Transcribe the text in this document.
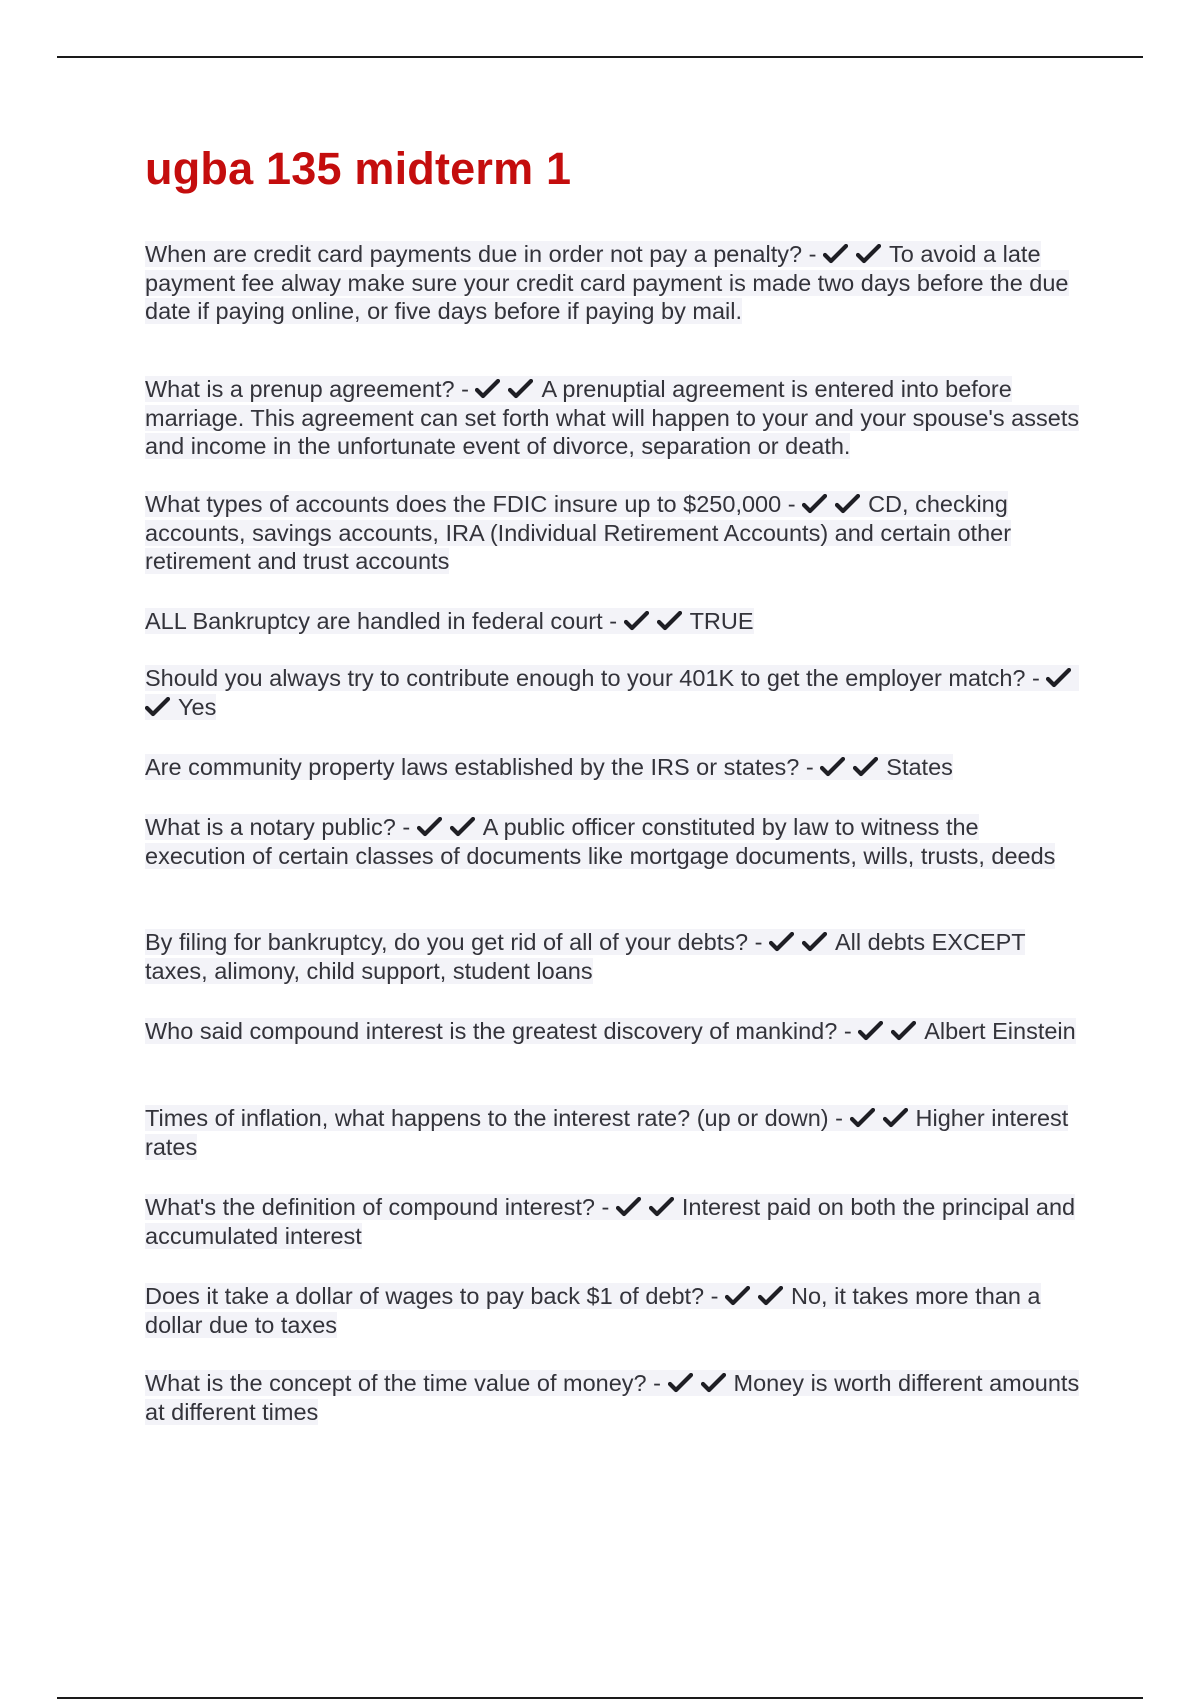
ugba 135 midterm 1
When are credit card payments due in order not pay a penalty? -	To avoid a late payment fee alway make sure your credit card payment is made two days before the due date if paying online, or five days before if paying by mail.
What is a prenup agreement? -	A prenuptial agreement is entered into before marriage. This agreement can set forth what will happen to your and your spouse's assets and income in the unfortunate event of divorce, separation or death.
What types of accounts does the FDIC insure up to $250,000 -	CD, checking accounts, savings accounts, IRA (Individual Retirement Accounts) and certain other retirement and trust accounts
ALL Bankruptcy are handled in federal court -	TRUE
Should you always try to contribute enough to your 401K to get the employer match? -
Yes
Are community property laws established by the IRS or states? -	States
What is a notary public? -	A public officer constituted by law to witness the execution of certain classes of documents like mortgage documents, wills, trusts, deeds
By filing for bankruptcy, do you get rid of all of your debts? -	All debts EXCEPT taxes, alimony, child support, student loans
Who said compound interest is the greatest discovery of mankind? -	Albert Einstein
Times of inflation, what happens to the interest rate? (up or down) -	Higher interest rates
What's the definition of compound interest? -	Interest paid on both the principal and accumulated interest
Does it take a dollar of wages to pay back $1 of debt? -	No, it takes more than a dollar due to taxes
What is the concept of the time value of money? -	Money is worth different amounts at different times
